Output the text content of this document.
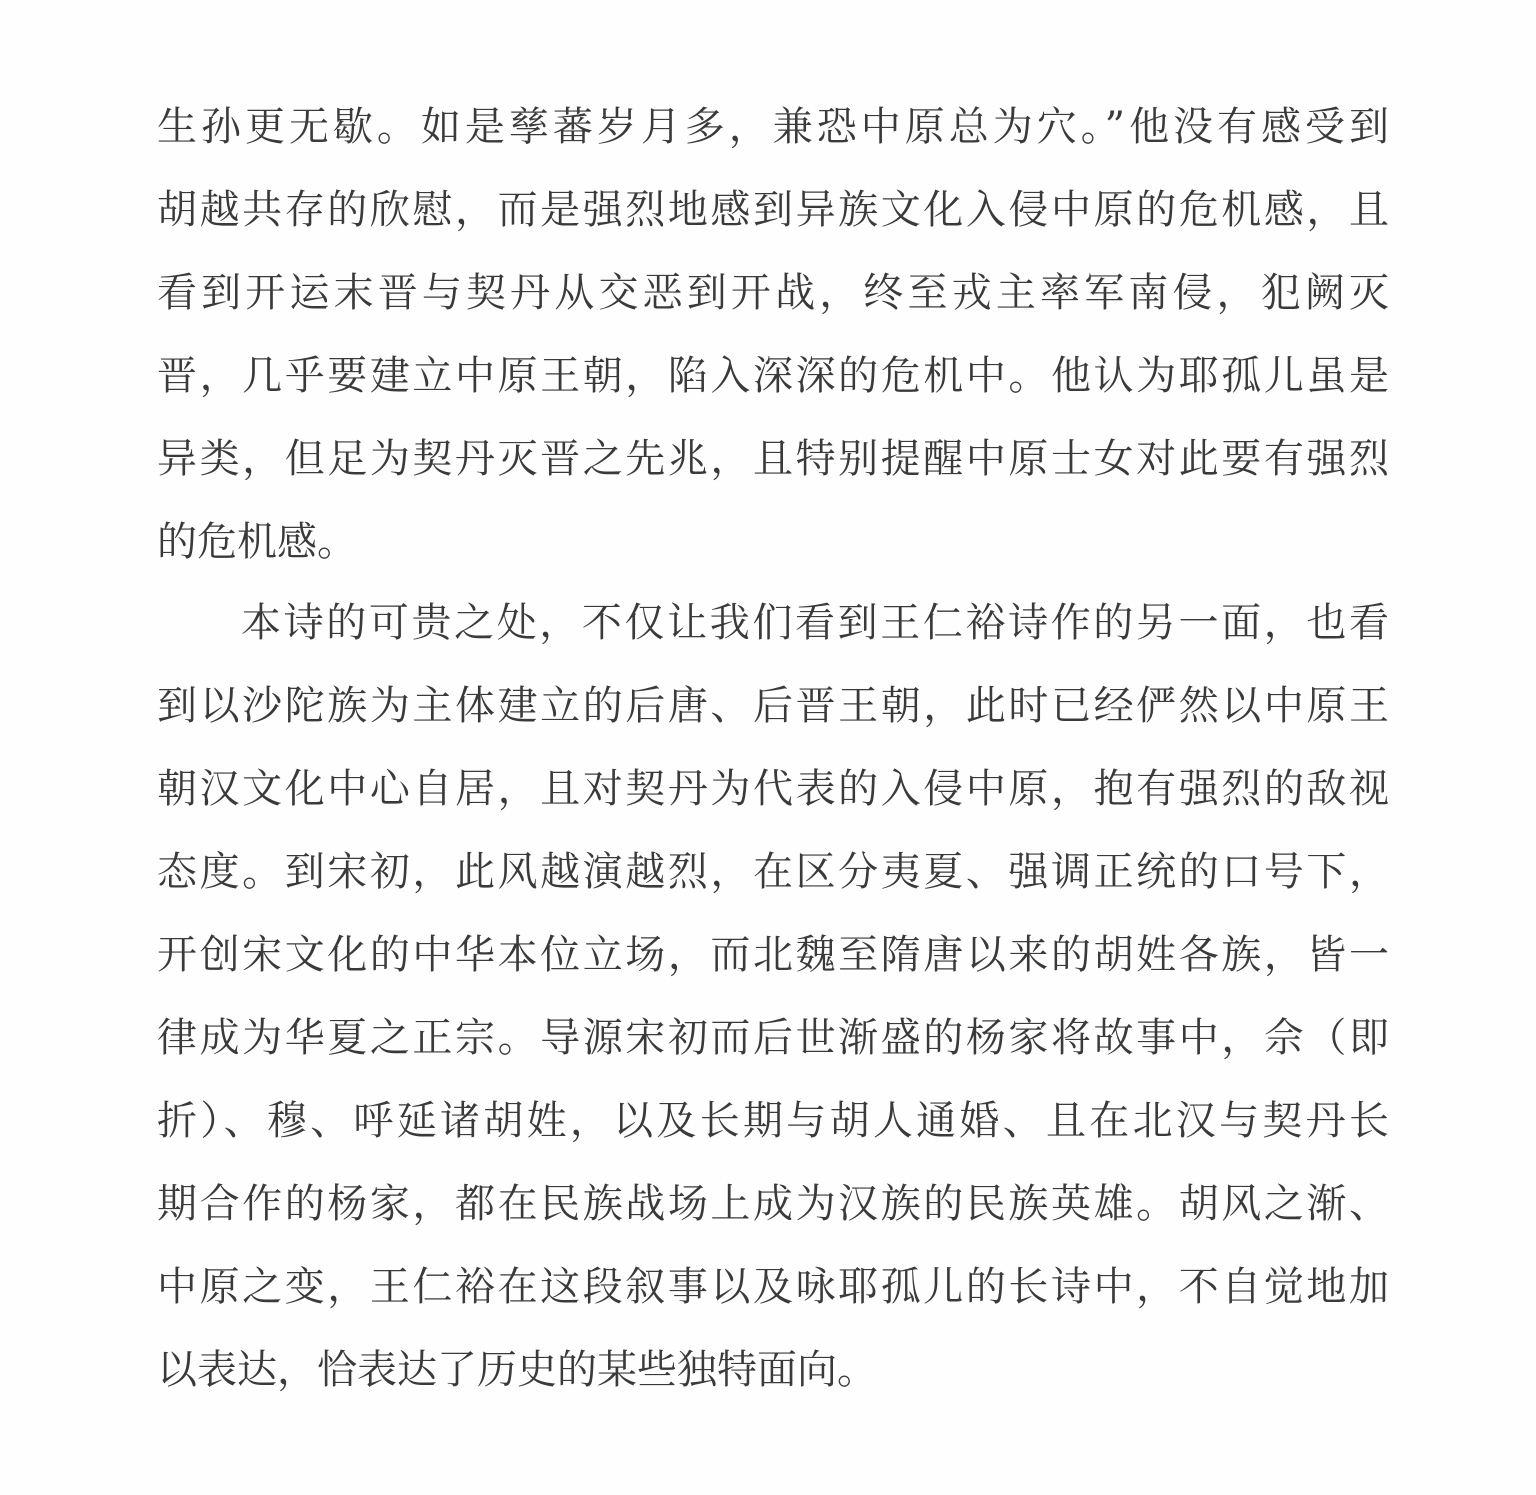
生孙更无歇。如是孳蕃岁月多，兼恐中原总为穴。”他没有感受到
胡越共存的欣慰，而是强烈地感到异族文化入侵中原的危机感，且
看到开运末晋与契丹从交恶到开战，终至戎主率军南侵，犯阙灭
晋，几乎要建立中原王朝，陷入深深的危机中。他认为耶孤儿虽是
异类，但足为契丹灭晋之先兆，且特别提醒中原士女对此要有强烈
的危机感。
本诗的可贵之处，不仅让我们看到王仁裕诗作的另一面，也看
到以沙陀族为主体建立的后唐、后晋王朝，此时已经俨然以中原王
朝汉文化中心自居，且对契丹为代表的入侵中原，抱有强烈的敌视
态度。到宋初，此风越演越烈，在区分夷夏、强调正统的口号下，
开创宋文化的中华本位立场，而北魏至隋唐以来的胡姓各族，皆一
律成为华夏之正宗。导源宋初而后世渐盛的杨家将故事中，佘（即
折）、穆、呼延诸胡姓，以及长期与胡人通婚、且在北汉与契丹长
期合作的杨家，都在民族战场上成为汉族的民族英雄。胡风之渐、
中原之变，王仁裕在这段叙事以及咏耶孤儿的长诗中，不自觉地加
以表达，恰表达了历史的某些独特面向。
